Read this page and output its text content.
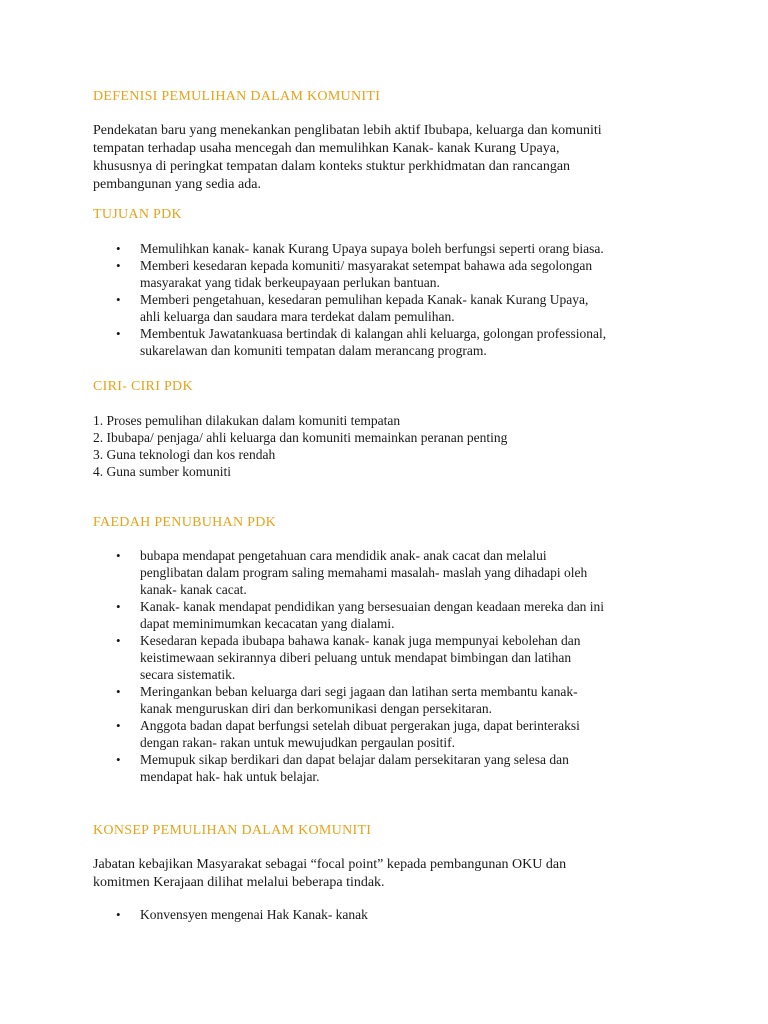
DEFENISI PEMULIHAN DALAM KOMUNITI
Pendekatan baru yang menekankan penglibatan lebih aktif Ibubapa, keluarga dan komuniti
tempatan terhadap usaha mencegah dan memulihkan Kanak- kanak Kurang Upaya,
khususnya di peringkat tempatan dalam konteks stuktur perkhidmatan dan rancangan
pembangunan yang sedia ada.
TUJUAN PDK
• Memulihkan kanak- kanak Kurang Upaya supaya boleh berfungsi seperti orang biasa.
• Memberi kesedaran kepada komuniti/ masyarakat setempat bahawa ada segolongan
masyarakat yang tidak berkeupayaan perlukan bantuan.
• Memberi pengetahuan, kesedaran pemulihan kepada Kanak- kanak Kurang Upaya,
ahli keluarga dan saudara mara terdekat dalam pemulihan.
• Membentuk Jawatankuasa bertindak di kalangan ahli keluarga, golongan professional,
sukarelawan dan komuniti tempatan dalam merancang program.
CIRI- CIRI PDK
1. Proses pemulihan dilakukan dalam komuniti tempatan
2. Ibubapa/ penjaga/ ahli keluarga dan komuniti memainkan peranan penting
3. Guna teknologi dan kos rendah
4. Guna sumber komuniti
FAEDAH PENUBUHAN PDK
• bubapa mendapat pengetahuan cara mendidik anak- anak cacat dan melalui
penglibatan dalam program saling memahami masalah- maslah yang dihadapi oleh
kanak- kanak cacat.
• Kanak- kanak mendapat pendidikan yang bersesuaian dengan keadaan mereka dan ini
dapat meminimumkan kecacatan yang dialami.
• Kesedaran kepada ibubapa bahawa kanak- kanak juga mempunyai kebolehan dan
keistimewaan sekirannya diberi peluang untuk mendapat bimbingan dan latihan
secara sistematik.
• Meringankan beban keluarga dari segi jagaan dan latihan serta membantu kanak-
kanak menguruskan diri dan berkomunikasi dengan persekitaran.
• Anggota badan dapat berfungsi setelah dibuat pergerakan juga, dapat berinteraksi
dengan rakan- rakan untuk mewujudkan pergaulan positif.
• Memupuk sikap berdikari dan dapat belajar dalam persekitaran yang selesa dan
mendapat hak- hak untuk belajar.
KONSEP PEMULIHAN DALAM KOMUNITI
Jabatan kebajikan Masyarakat sebagai “focal point” kepada pembangunan OKU dan
komitmen Kerajaan dilihat melalui beberapa tindak.
• Konvensyen mengenai Hak Kanak- kanak
